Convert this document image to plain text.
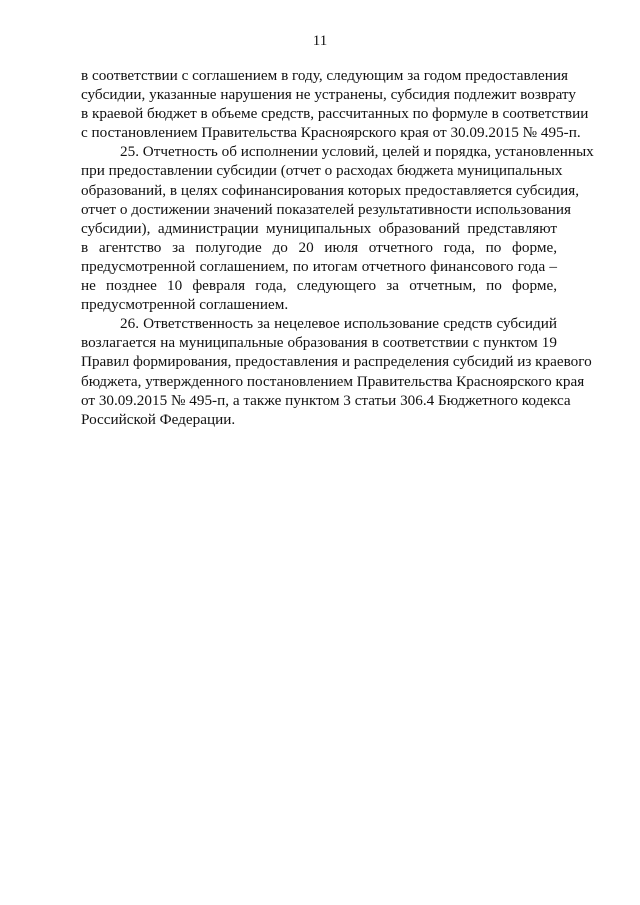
11
в соответствии с соглашением в году, следующим за годом предоставления
субсидии, указанные нарушения не устранены, субсидия подлежит возврату
в краевой бюджет в объеме средств, рассчитанных по формуле в соответствии
с постановлением Правительства Красноярского края от 30.09.2015 № 495-п.
25. Отчетность об исполнении условий, целей и порядка, установленных
при предоставлении субсидии (отчет о расходах бюджета муниципальных
образований, в целях софинансирования которых предоставляется субсидия,
отчет о достижении значений показателей результативности использования
субсидии), администрации муниципальных образований представляют
в агентство за полугодие до 20 июля отчетного года, по форме,
предусмотренной соглашением, по итогам отчетного финансового года –
не позднее 10 февраля года, следующего за отчетным, по форме,
предусмотренной соглашением.
26. Ответственность за нецелевое использование средств субсидий
возлагается на муниципальные образования в соответствии с пунктом 19
Правил формирования, предоставления и распределения субсидий из краевого
бюджета, утвержденного постановлением Правительства Красноярского края
от 30.09.2015 № 495-п, а также пунктом 3 статьи 306.4 Бюджетного кодекса
Российской Федерации.
